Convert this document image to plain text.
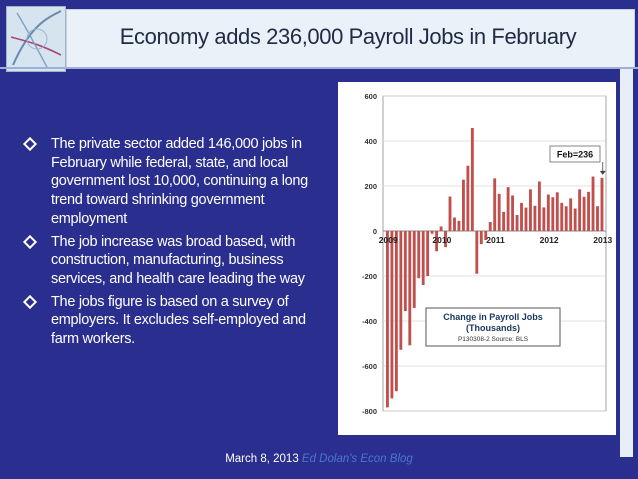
Economy adds 236,000 Payroll Jobs in February
The private sector added 146,000 jobs in February while federal, state, and local government lost 10,000, continuing a long trend toward shrinking government employment
The job increase was broad based, with construction, manufacturing, business services, and health care leading the way
The jobs figure is based on a survey of employers. It excludes self-employed and farm workers.
600
400
200
0
-200
-400
-600
-800
2009	2010	2011	2012	2013
Feb=236
Change in Payroll Jobs
(Thousands)
P130308-2 Source: BLS
March 8, 2013 Ed Dolan's Econ Blog
